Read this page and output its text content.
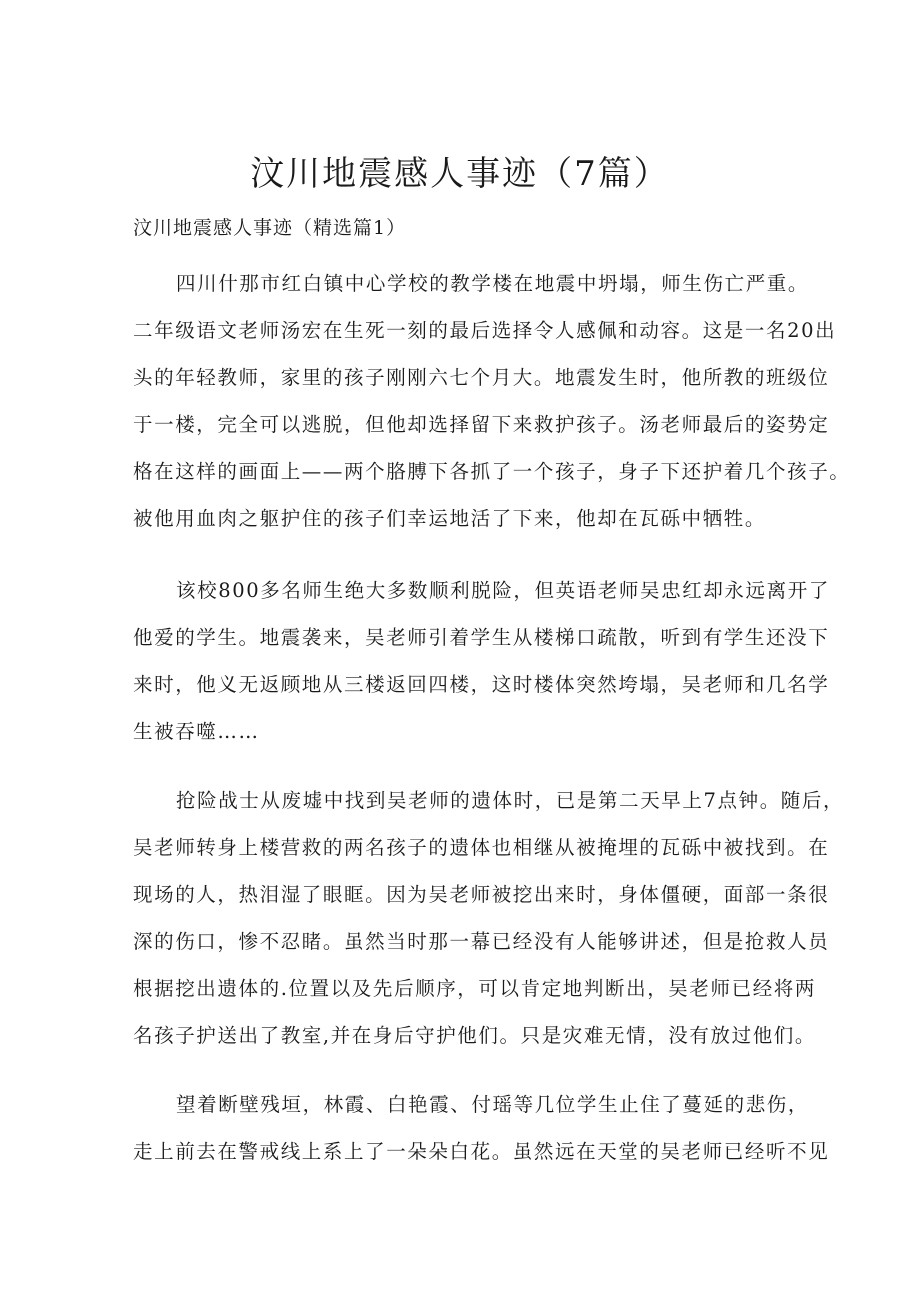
汶川地震感人事迹（7篇）

汶川地震感人事迹（精选篇1）

四川什那市红白镇中心学校的教学楼在地震中坍塌，师生伤亡严重。
二年级语文老师汤宏在生死一刻的最后选择令人感佩和动容。这是一名20出
头的年轻教师，家里的孩子刚刚六七个月大。地震发生时，他所教的班级位
于一楼，完全可以逃脱，但他却选择留下来救护孩子。汤老师最后的姿势定
格在这样的画面上——两个胳膊下各抓了一个孩子，身子下还护着几个孩子。
被他用血肉之躯护住的孩子们幸运地活了下来，他却在瓦砾中牺牲。
该校800多名师生绝大多数顺利脱险，但英语老师吴忠红却永远离开了
他爱的学生。地震袭来，吴老师引着学生从楼梯口疏散，听到有学生还没下
来时，他义无返顾地从三楼返回四楼，这时楼体突然垮塌，吴老师和几名学
生被吞噬……
抢险战士从废墟中找到吴老师的遗体时，已是第二天早上7点钟。随后，
吴老师转身上楼营救的两名孩子的遗体也相继从被掩埋的瓦砾中被找到。在
现场的人，热泪湿了眼眶。因为吴老师被挖出来时，身体僵硬，面部一条很
深的伤口，惨不忍睹。虽然当时那一幕已经没有人能够讲述，但是抢救人员
根据挖出遗体的.位置以及先后顺序，可以肯定地判断出，吴老师已经将两
名孩子护送出了教室,并在身后守护他们。只是灾难无情，没有放过他们。
望着断壁残垣，林霞、白艳霞、付瑶等几位学生止住了蔓延的悲伤，
走上前去在警戒线上系上了一朵朵白花。虽然远在天堂的吴老师已经听不见
